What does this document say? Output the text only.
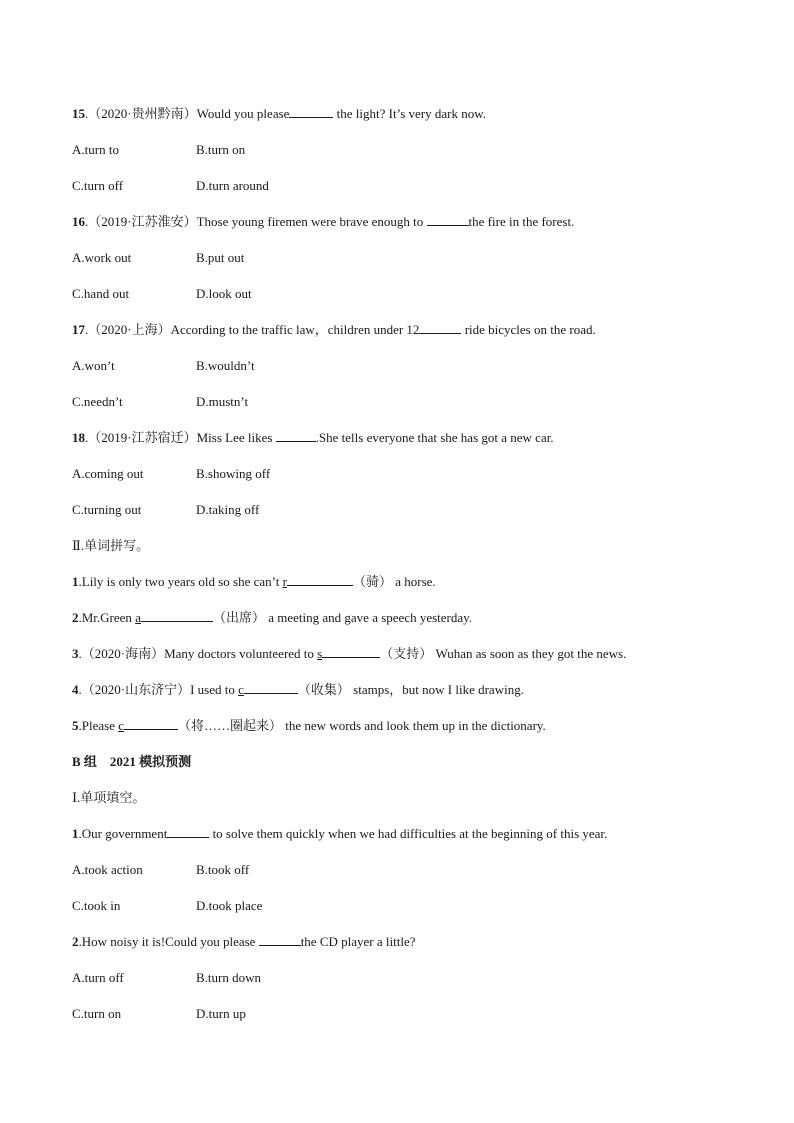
15.（2020·贵州黔南）Would you please	the light? It’s very dark now.
A.turn to	B.turn on
C.turn off	D.turn around
16.（2019·江苏淮安）Those young firemen were brave enough to	the fire in the forest.
A.work out	B.put out
C.hand out	D.look out
17.（2020·上海）According to the traffic law，children under 12	ride bicycles on the road.
A.won’t	B.wouldn’t
C.needn’t	D.mustn’t
18.（2019·江苏宿迁）Miss Lee likes	.She tells everyone that she has got a new car.
A.coming out	B.showing off
C.turning out	D.taking off
Ⅱ.单词拼写。
1.Lily is only two years old so she can’t r	（骑） a horse.
2.Mr.Green a	（出席） a meeting and gave a speech yesterday.
3.（2020·海南）Many doctors volunteered to s	（支持） Wuhan as soon as they got the news.
4.（2020·山东济宁）I used to c	（收集） stamps，but now I like drawing.
5.Please c	（将……圈起来） the new words and look them up in the dictionary.
B 组　2021 模拟预测
Ⅰ.单项填空。
1.Our government	to solve them quickly when we had difficulties at the beginning of this year.
A.took action	B.took off
C.took in	D.took place
2.How noisy it is!Could you please	the CD player a little?
A.turn off	B.turn down
C.turn on	D.turn up
